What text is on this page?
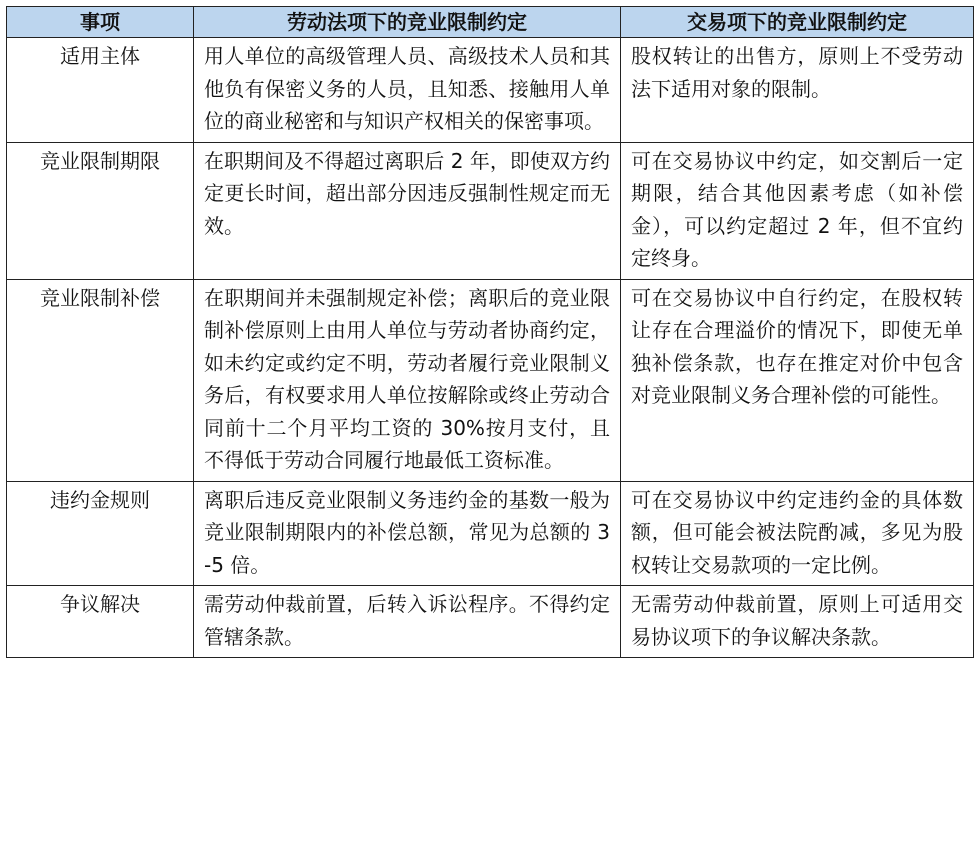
事项	劳动法项下的竞业限制约定	交易项下的竞业限制约定
适用主体	用人单位的高级管理人员、高级技术人员和其他负有保密义务的人员，且知悉、接触用人单位的商业秘密和与知识产权相关的保密事项。	股权转让的出售方，原则上不受劳动法下适用对象的限制。
竞业限制期限	在职期间及不得超过离职后 2 年，即使双方约定更长时间，超出部分因违反强制性规定而无效。	可在交易协议中约定，如交割后一定期限，结合其他因素考虑（如补偿金），可以约定超过 2 年，但不宜约定终身。
竞业限制补偿	在职期间并未强制规定补偿；离职后的竞业限制补偿原则上由用人单位与劳动者协商约定，如未约定或约定不明，劳动者履行竞业限制义务后，有权要求用人单位按解除或终止劳动合同前十二个月平均工资的 30%按月支付，且不得低于劳动合同履行地最低工资标准。	可在交易协议中自行约定，在股权转让存在合理溢价的情况下，即使无单独补偿条款，也存在推定对价中包含对竞业限制义务合理补偿的可能性。
违约金规则	离职后违反竞业限制义务违约金的基数一般为竞业限制期限内的补偿总额，常见为总额的 3-5 倍。	可在交易协议中约定违约金的具体数额，但可能会被法院酌减，多见为股权转让交易款项的一定比例。
争议解决	需劳动仲裁前置，后转入诉讼程序。不得约定管辖条款。	无需劳动仲裁前置，原则上可适用交易协议项下的争议解决条款。
